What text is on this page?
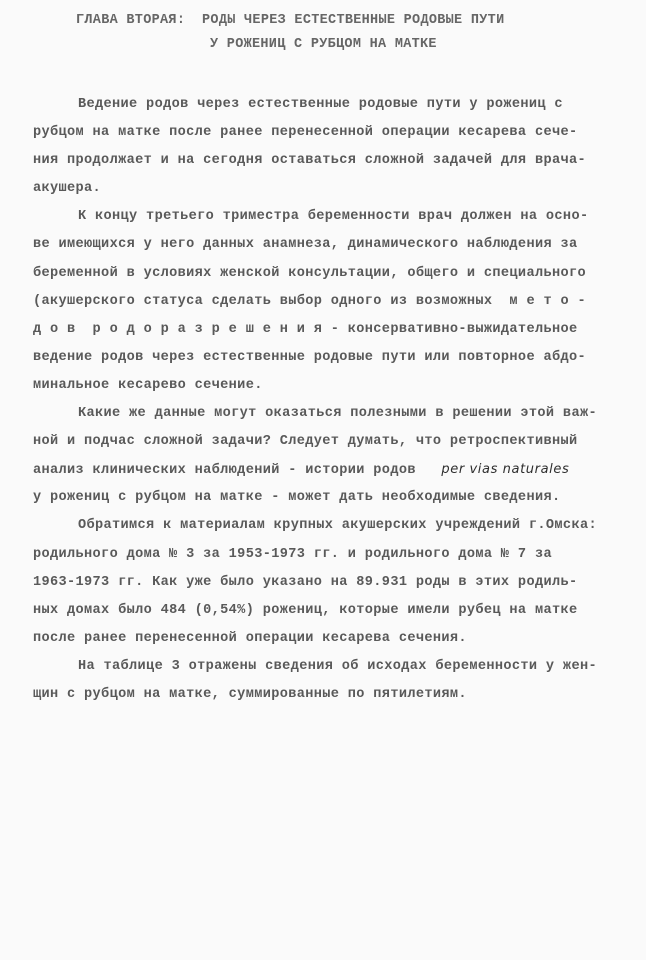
ГЛАВА ВТОРАЯ:  РОДЫ ЧЕРЕЗ ЕСТЕСТВЕННЫЕ РОДОВЫЕ ПУТИ
У РОЖЕНИЦ С РУБЦОМ НА МАТКЕ
Ведение родов через естественные родовые пути у рожениц с
рубцом на матке после ранее перенесенной операции кесарева сече-
ния продолжает и на сегодня оставаться сложной задачей для врача-
акушера.
К концу третьего триместра беременности врач должен на осно-
ве имеющихся у него данных анамнеза, динамического наблюдения за
беременной в условиях женской консультации, общего и специального
(акушерского статуса сделать выбор одного из возможных  м е т о -
д о в  р о д о р а з р е ш е н и я - консервативно-выжидательное
ведение родов через естественные родовые пути или повторное абдо-
минальное кесарево сечение.
Какие же данные могут оказаться полезными в решении этой важ-
ной и подчас сложной задачи? Следует думать, что ретроспективный
анализ клинических наблюдений - истории родов per vias naturales
у рожениц с рубцом на матке - может дать необходимые сведения.
Обратимся к материалам крупных акушерских учреждений г.Омска:
родильного дома № 3 за 1953-1973 гг. и родильного дома № 7 за
1963-1973 гг. Как уже было указано на 89.931 роды в этих родиль-
ных домах было 484 (0,54%) рожениц, которые имели рубец на матке
после ранее перенесенной операции кесарева сечения.
На таблице 3 отражены сведения об исходах беременности у жен-
щин с рубцом на матке, суммированные по пятилетиям.
